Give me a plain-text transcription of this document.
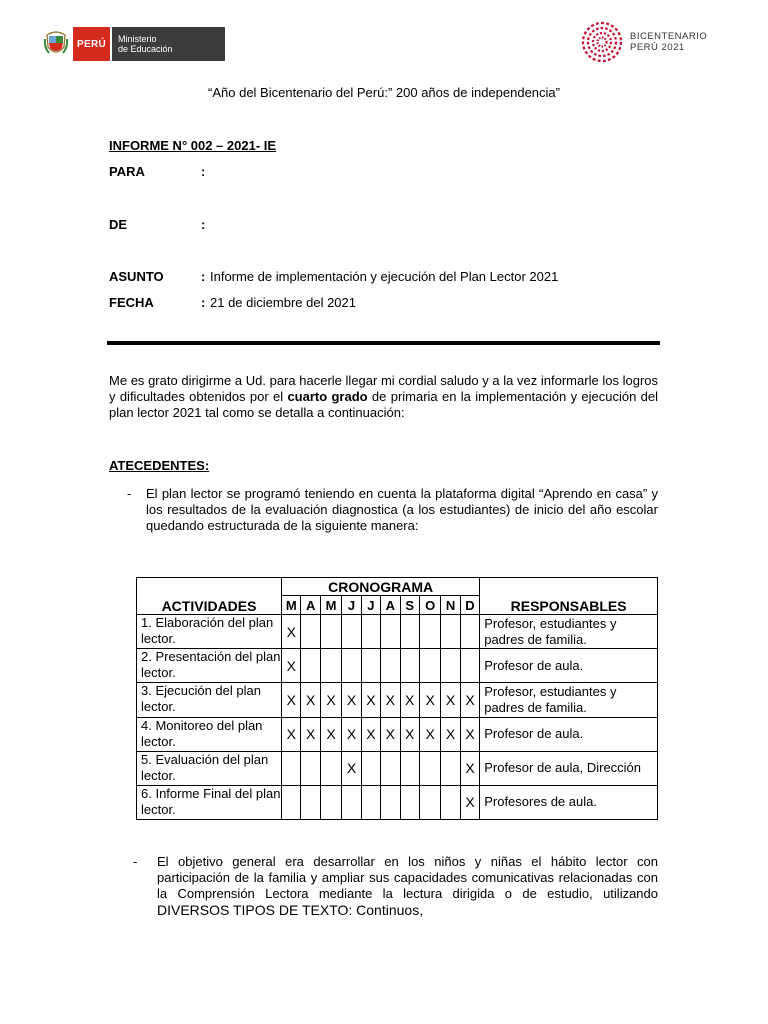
PERÚ	Ministerio
de Educación
BICENTENARIO
PERÚ 2021
“Año del Bicentenario del Perú:” 200 años de independencia”
INFORME N° 002 – 2021- IE
PARA	:
DE	:
ASUNTO	: Informe de implementación y ejecución del Plan Lector 2021
FECHA	: 21 de diciembre del 2021
Me es grato dirigirme a Ud. para hacerle llegar mi cordial saludo y a la vez informarle los logros y dificultades obtenidos por el cuarto grado de primaria en la implementación y ejecución del plan lector 2021 tal como se detalla a continuación:
ATECEDENTES:
- El plan lector se programó teniendo en cuenta la plataforma digital “Aprendo en casa” y los resultados de la evaluación diagnostica (a los estudiantes) de inicio del año escolar quedando estructurada de la siguiente manera:
ACTIVIDADES	CRONOGRAMA										RESPONSABLES
	M	A	M	J	J	A	S	O	N	D	
1. Elaboración del plan lector.	X										Profesor, estudiantes y padres de familia.
2. Presentación del plan lector.	X										Profesor de aula.
3. Ejecución del plan lector.	X	X	X	X	X	X	X	X	X	X	Profesor, estudiantes y padres de familia.
4. Monitoreo del plan lector.	X	X	X	X	X	X	X	X	X	X	Profesor de aula.
5. Evaluación del plan lector.				X						X	Profesor de aula, Dirección
6. Informe Final del plan lector.										X	Profesores de aula.
- El objetivo general era desarrollar en los niños y niñas el hábito lector con participación de la familia y ampliar sus capacidades comunicativas relacionadas con la Comprensión Lectora mediante la lectura dirigida o de estudio, utilizando DIVERSOS TIPOS DE TEXTO: Continuos,
